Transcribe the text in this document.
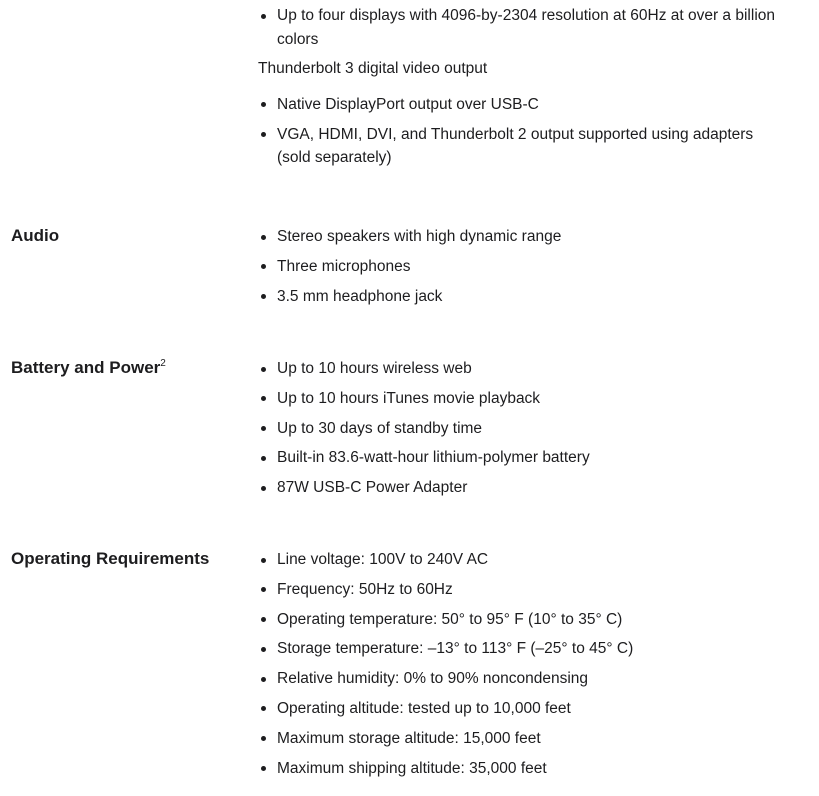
Up to four displays with 4096-by-2304 resolution at 60Hz at over a billion colors

Thunderbolt 3 digital video output

Native DisplayPort output over USB-C
VGA, HDMI, DVI, and Thunderbolt 2 output supported using adapters (sold separately)
Audio	Stereo speakers with high dynamic range
Three microphones
3.5 mm headphone jack
Battery and Power$^2$	Up to 10 hours wireless web
Up to 10 hours iTunes movie playback
Up to 30 days of standby time
Built-in 83.6-watt-hour lithium-polymer battery
87W USB-C Power Adapter
Operating Requirements	Line voltage: 100V to 240V AC
Frequency: 50Hz to 60Hz
Operating temperature: 50° to 95° F (10° to 35° C)
Storage temperature: –13° to 113° F (–25° to 45° C)
Relative humidity: 0% to 90% noncondensing
Operating altitude: tested up to 10,000 feet
Maximum storage altitude: 15,000 feet
Maximum shipping altitude: 35,000 feet
